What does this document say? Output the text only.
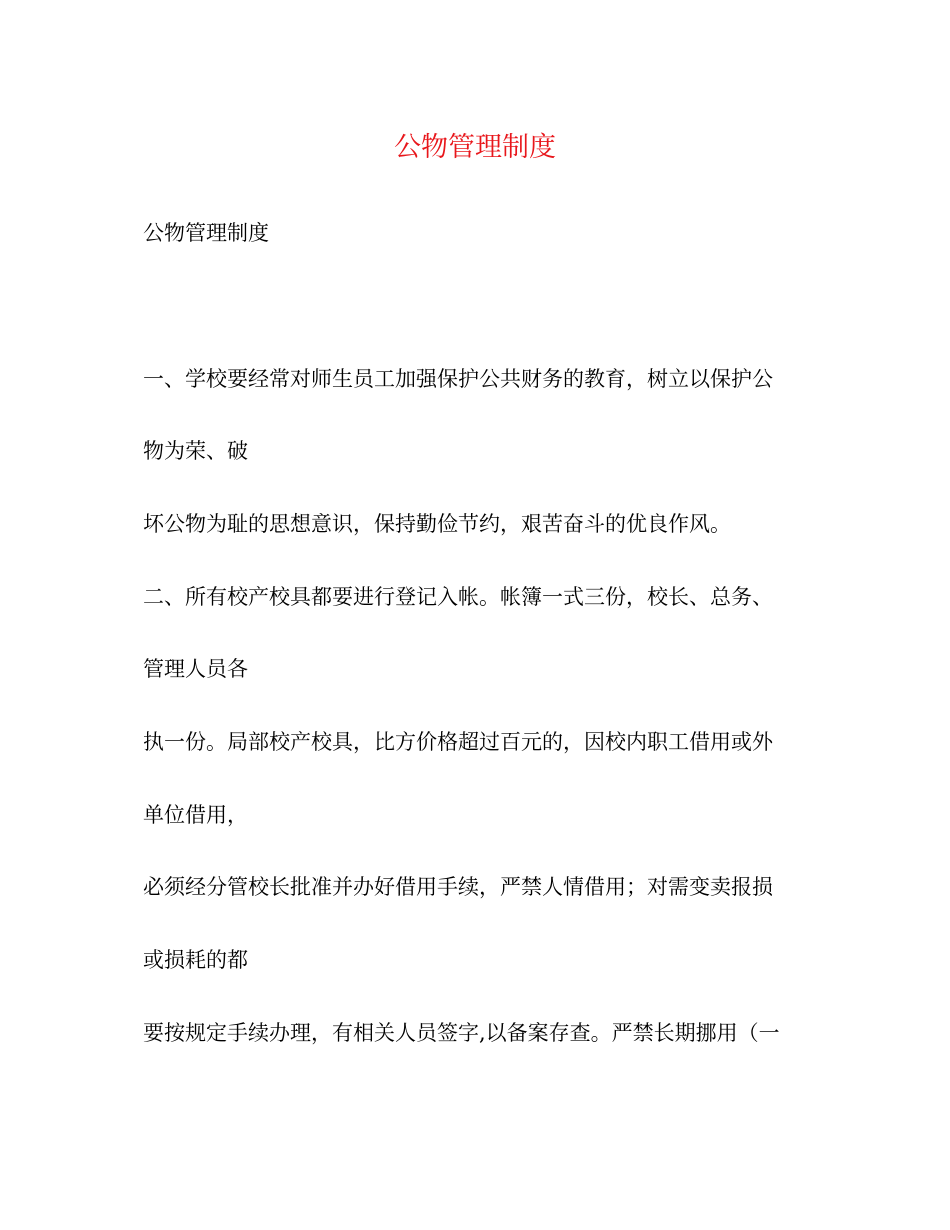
公物管理制度

公物管理制度

一、学校要经常对师生员工加强保护公共财务的教育，树立以保护公

物为荣、破

坏公物为耻的思想意识，保持勤俭节约，艰苦奋斗的优良作风。

二、所有校产校具都要进行登记入帐。帐簿一式三份，校长、总务、

管理人员各

执一份。局部校产校具，比方价格超过百元的，因校内职工借用或外

单位借用，

必须经分管校长批准并办好借用手续，严禁人情借用；对需变卖报损

或损耗的都

要按规定手续办理，有相关人员签字,以备案存查。严禁长期挪用（一
